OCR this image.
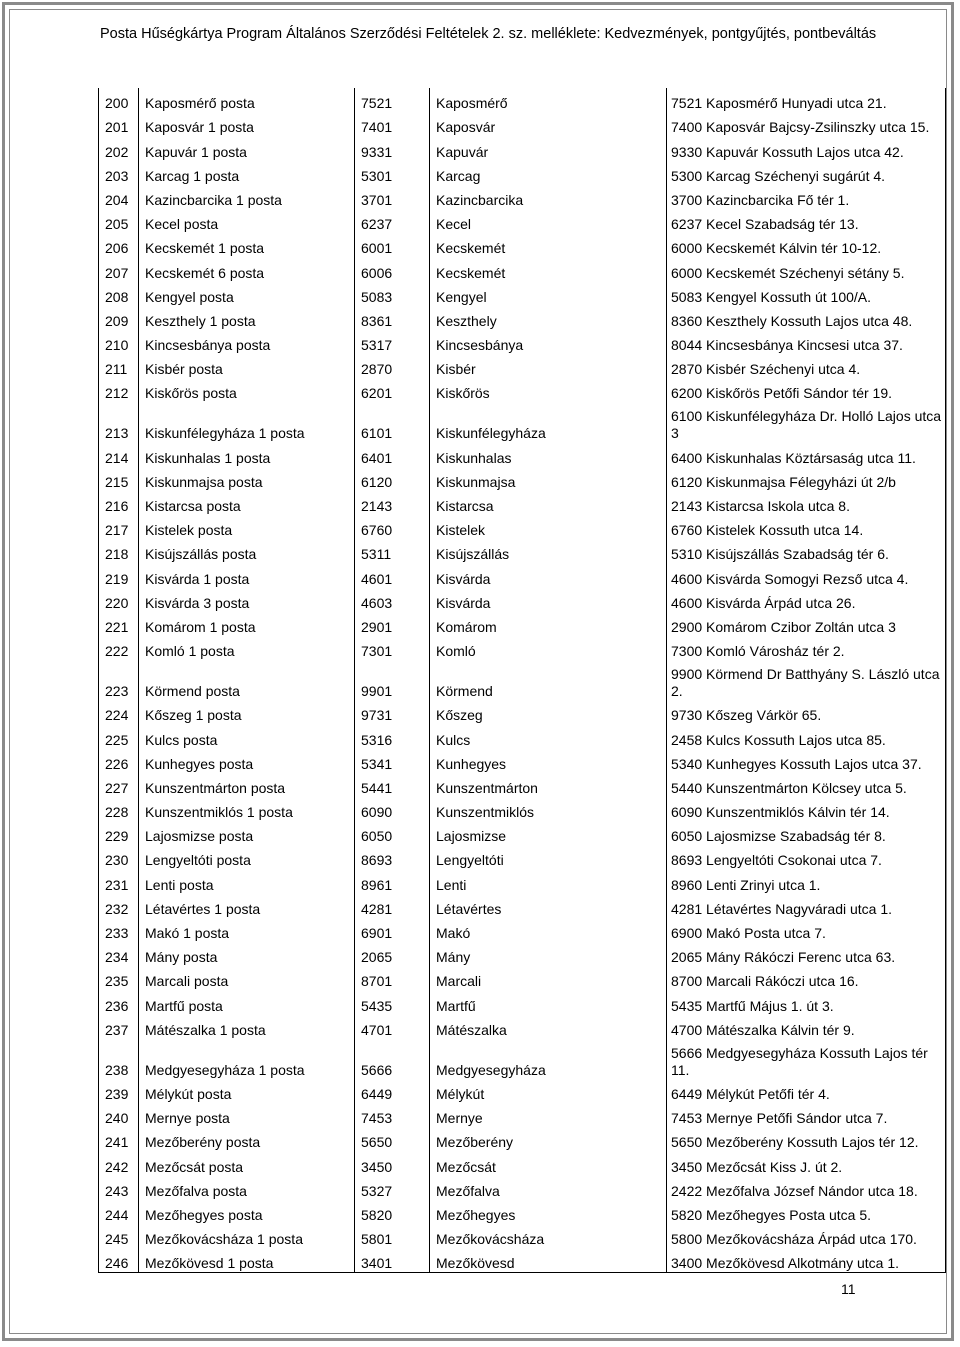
Posta Hűségkártya Program Általános Szerződési Feltételek 2. sz. melléklete: Kedvezmények, pontgyűjtés, pontbeváltás
200	Kaposmérő posta	7521	Kaposmérő	7521 Kaposmérő Hunyadi utca 21.
201	Kaposvár 1 posta	7401	Kaposvár	7400 Kaposvár Bajcsy-Zsilinszky utca 15.
202	Kapuvár 1 posta	9331	Kapuvár	9330 Kapuvár Kossuth Lajos utca 42.
203	Karcag 1 posta	5301	Karcag	5300 Karcag Széchenyi sugárút 4.
204	Kazincbarcika 1 posta	3701	Kazincbarcika	3700 Kazincbarcika Fő tér 1.
205	Kecel posta	6237	Kecel	6237 Kecel Szabadság tér 13.
206	Kecskemét 1 posta	6001	Kecskemét	6000 Kecskemét Kálvin tér 10-12.
207	Kecskemét 6 posta	6006	Kecskemét	6000 Kecskemét Széchenyi sétány 5.
208	Kengyel posta	5083	Kengyel	5083 Kengyel Kossuth út 100/A.
209	Keszthely 1 posta	8361	Keszthely	8360 Keszthely Kossuth Lajos utca 48.
210	Kincsesbánya posta	5317	Kincsesbánya	8044 Kincsesbánya Kincsesi utca 37.
211	Kisbér posta	2870	Kisbér	2870 Kisbér Széchenyi utca 4.
212	Kiskőrös posta	6201	Kiskőrös	6200 Kiskőrös Petőfi Sándor tér 19.
213	Kiskunfélegyháza 1 posta	6101	Kiskunfélegyháza	6100 Kiskunfélegyháza Dr. Holló Lajos utca 3
214	Kiskunhalas 1 posta	6401	Kiskunhalas	6400 Kiskunhalas Köztársaság utca 11.
215	Kiskunmajsa posta	6120	Kiskunmajsa	6120 Kiskunmajsa Félegyházi út 2/b
216	Kistarcsa posta	2143	Kistarcsa	2143 Kistarcsa Iskola utca 8.
217	Kistelek posta	6760	Kistelek	6760 Kistelek Kossuth utca 14.
218	Kisújszállás posta	5311	Kisújszállás	5310 Kisújszállás Szabadság tér 6.
219	Kisvárda 1 posta	4601	Kisvárda	4600 Kisvárda Somogyi Rezső utca 4.
220	Kisvárda 3 posta	4603	Kisvárda	4600 Kisvárda Árpád utca 26.
221	Komárom 1 posta	2901	Komárom	2900 Komárom Czibor Zoltán utca 3
222	Komló 1 posta	7301	Komló	7300 Komló Városház tér 2.
223	Körmend posta	9901	Körmend	9900 Körmend Dr Batthyány S. László utca 2.
224	Kőszeg 1 posta	9731	Kőszeg	9730 Kőszeg Várkör 65.
225	Kulcs posta	5316	Kulcs	2458 Kulcs Kossuth Lajos utca 85.
226	Kunhegyes posta	5341	Kunhegyes	5340 Kunhegyes Kossuth Lajos utca 37.
227	Kunszentmárton posta	5441	Kunszentmárton	5440 Kunszentmárton Kölcsey utca 5.
228	Kunszentmiklós 1 posta	6090	Kunszentmiklós	6090 Kunszentmiklós Kálvin tér 14.
229	Lajosmizse posta	6050	Lajosmizse	6050 Lajosmizse Szabadság tér 8.
230	Lengyeltóti posta	8693	Lengyeltóti	8693 Lengyeltóti Csokonai utca 7.
231	Lenti posta	8961	Lenti	8960 Lenti Zrinyi utca 1.
232	Létavértes 1 posta	4281	Létavértes	4281 Létavértes Nagyváradi utca 1.
233	Makó 1 posta	6901	Makó	6900 Makó Posta utca 7.
234	Mány posta	2065	Mány	2065 Mány Rákóczi Ferenc utca 63.
235	Marcali posta	8701	Marcali	8700 Marcali Rákóczi utca 16.
236	Martfű posta	5435	Martfű	5435 Martfű Május 1. út 3.
237	Mátészalka 1 posta	4701	Mátészalka	4700 Mátészalka Kálvin tér 9.
238	Medgyesegyháza 1 posta	5666	Medgyesegyháza	5666 Medgyesegyháza Kossuth Lajos tér 11.
239	Mélykút posta	6449	Mélykút	6449 Mélykút Petőfi tér 4.
240	Mernye posta	7453	Mernye	7453 Mernye Petőfi Sándor utca 7.
241	Mezőberény posta	5650	Mezőberény	5650 Mezőberény Kossuth Lajos tér 12.
242	Mezőcsát posta	3450	Mezőcsát	3450 Mezőcsát Kiss J. út 2.
243	Mezőfalva posta	5327	Mezőfalva	2422 Mezőfalva József Nándor utca 18.
244	Mezőhegyes posta	5820	Mezőhegyes	5820 Mezőhegyes Posta utca 5.
245	Mezőkovácsháza 1 posta	5801	Mezőkovácsháza	5800 Mezőkovácsháza Árpád utca 170.
246	Mezőkövesd 1 posta	3401	Mezőkövesd	3400 Mezőkövesd Alkotmány utca 1.
11
